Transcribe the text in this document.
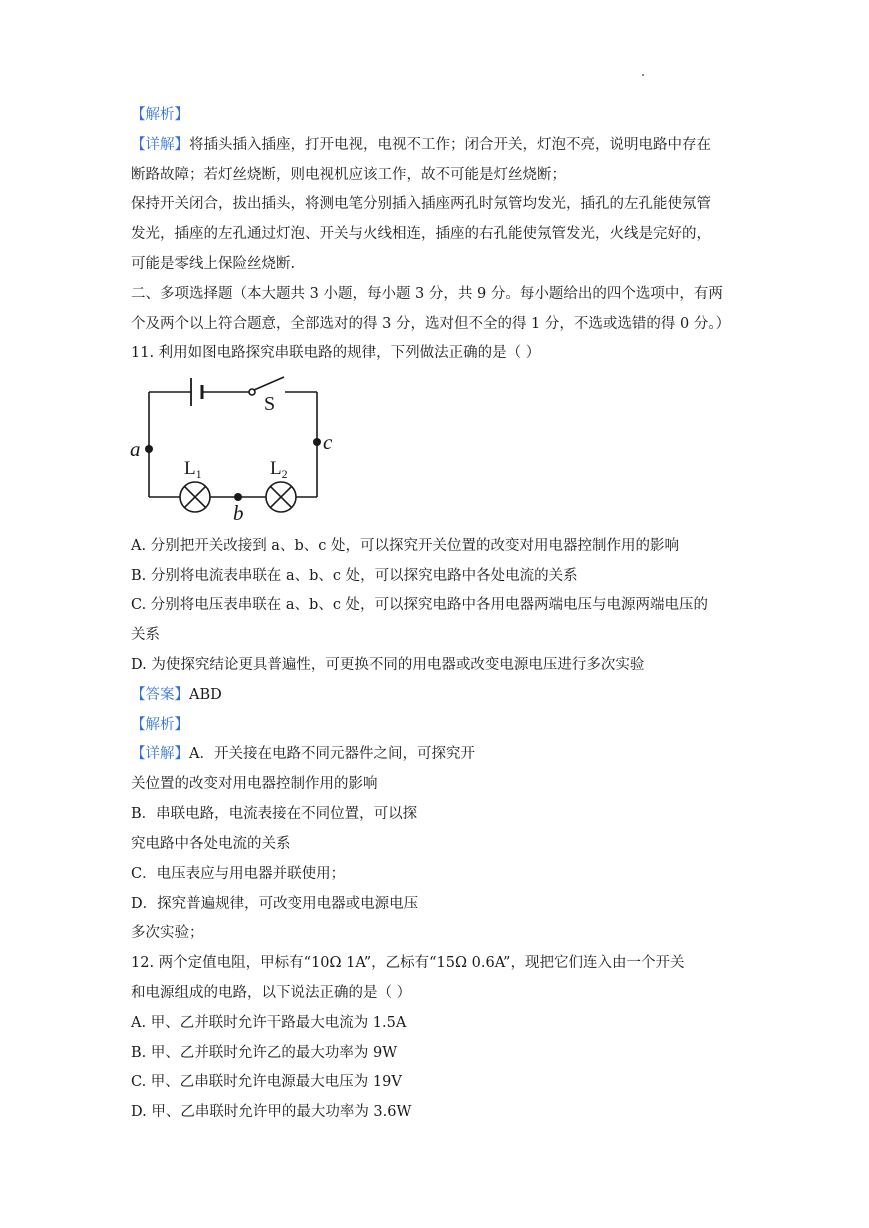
【解析】
【详解】将插头插入插座，打开电视，电视不工作；闭合开关，灯泡不亮，说明电路中存在
断路故障；若灯丝烧断，则电视机应该工作，故不可能是灯丝烧断；
保持开关闭合，拔出插头，将测电笔分别插入插座两孔时氖管均发光，插孔的左孔能使氖管
发光，插座的左孔通过灯泡、开关与火线相连，插座的右孔能使氖管发光，火线是完好的，
可能是零线上保险丝烧断.
二、多项选择题（本大题共 3 小题，每小题 3 分，共 9 分。每小题给出的四个选项中，有两
个及两个以上符合题意，全部选对的得 3 分，选对但不全的得 1 分，不选或选错的得 0 分。）
11. 利用如图电路探究串联电路的规律，下列做法正确的是（ ）
S
a
b
c
$L_1$	$L_2$
A. 分别把开关改接到 a、b、c 处，可以探究开关位置的改变对用电器控制作用的影响
B. 分别将电流表串联在 a、b、c 处，可以探究电路中各处电流的关系
C. 分别将电压表串联在 a、b、c 处，可以探究电路中各用电器两端电压与电源两端电压的
关系
D. 为使探究结论更具普遍性，可更换不同的用电器或改变电源电压进行多次实验
【答案】ABD
【解析】
【详解】A．开关接在电路不同元器件之间，可探究开
关位置的改变对用电器控制作用的影响
B．串联电路，电流表接在不同位置，可以探
究电路中各处电流的关系
C．电压表应与用电器并联使用；
D．探究普遍规律，可改变用电器或电源电压
多次实验；
12. 两个定值电阻，甲标有“10Ω 1A”，乙标有“15Ω 0.6A”，现把它们连入由一个开关
和电源组成的电路，以下说法正确的是（ ）
A. 甲、乙并联时允许干路最大电流为 1.5A
B. 甲、乙并联时允许乙的最大功率为 9W
C. 甲、乙串联时允许电源最大电压为 19V
D. 甲、乙串联时允许甲的最大功率为 3.6W
